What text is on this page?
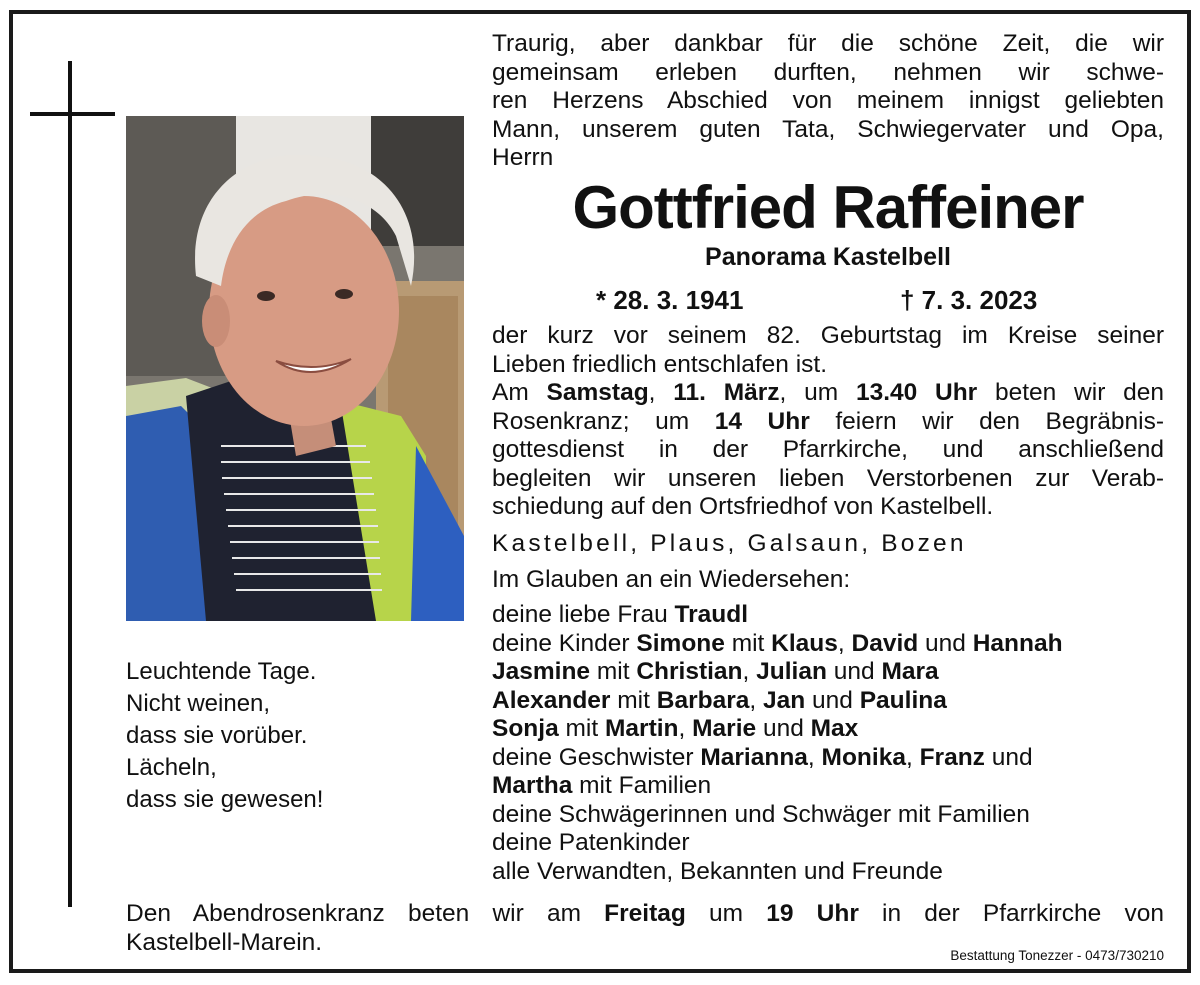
Leuchtende Tage.
Nicht weinen,
dass sie vorüber.
Lächeln,
dass sie gewesen!
Traurig, aber dankbar für die schöne Zeit, die wir
gemeinsam erleben durften, nehmen wir schwe-
ren Herzens Abschied von meinem innigst geliebten
Mann, unserem guten Tata, Schwiegervater und Opa,
Herrn
Gottfried Raffeiner
Panorama Kastelbell
* 28. 3. 1941	† 7. 3. 2023
der kurz vor seinem 82. Geburtstag im Kreise seiner
Lieben friedlich entschlafen ist.
Am Samstag, 11. März, um 13.40 Uhr beten wir den
Rosenkranz; um 14 Uhr feiern wir den Begräbnis-
gottesdienst in der Pfarrkirche, und anschließend
begleiten wir unseren lieben Verstorbenen zur Verab-
schiedung auf den Ortsfriedhof von Kastelbell.
Kastelbell, Plaus, Galsaun, Bozen
Im Glauben an ein Wiedersehen:
deine liebe Frau Traudl
deine Kinder Simone mit Klaus, David und Hannah
Jasmine mit Christian, Julian und Mara
Alexander mit Barbara, Jan und Paulina
Sonja mit Martin, Marie und Max
deine Geschwister Marianna, Monika, Franz und
Martha mit Familien
deine Schwägerinnen und Schwäger mit Familien
deine Patenkinder
alle Verwandten, Bekannten und Freunde
Den Abendrosenkranz beten wir am Freitag um 19 Uhr in der Pfarrkirche von
Kastelbell-Marein.	Bestattung Tonezzer - 0473/730210
